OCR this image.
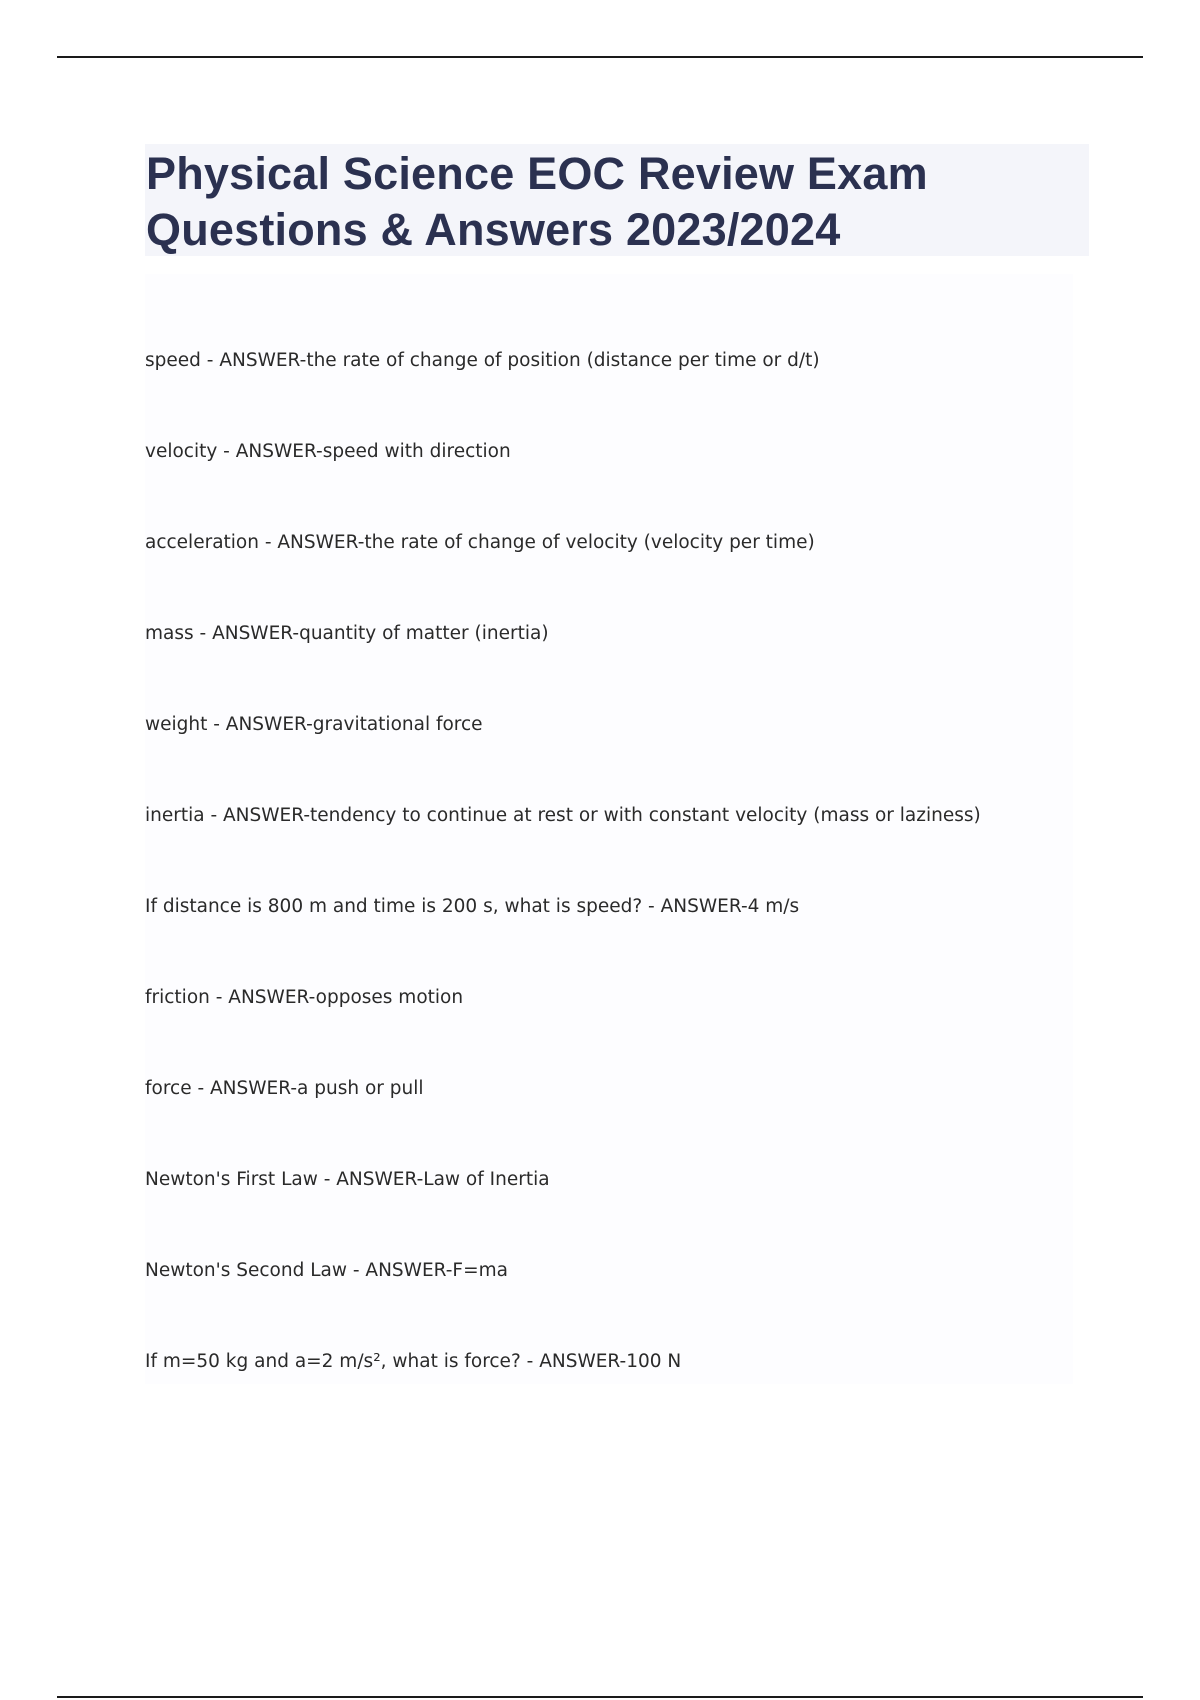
Physical Science EOC Review Exam Questions & Answers 2023/2024
speed - ANSWER-the rate of change of position (distance per time or d/t)
velocity - ANSWER-speed with direction
acceleration - ANSWER-the rate of change of velocity (velocity per time)
mass - ANSWER-quantity of matter (inertia)
weight - ANSWER-gravitational force
inertia - ANSWER-tendency to continue at rest or with constant velocity (mass or laziness)
If distance is 800 m and time is 200 s, what is speed? - ANSWER-4 m/s
friction - ANSWER-opposes motion
force - ANSWER-a push or pull
Newton's First Law - ANSWER-Law of Inertia
Newton's Second Law - ANSWER-F=ma
If m=50 kg and a=2 m/s², what is force? - ANSWER-100 N
